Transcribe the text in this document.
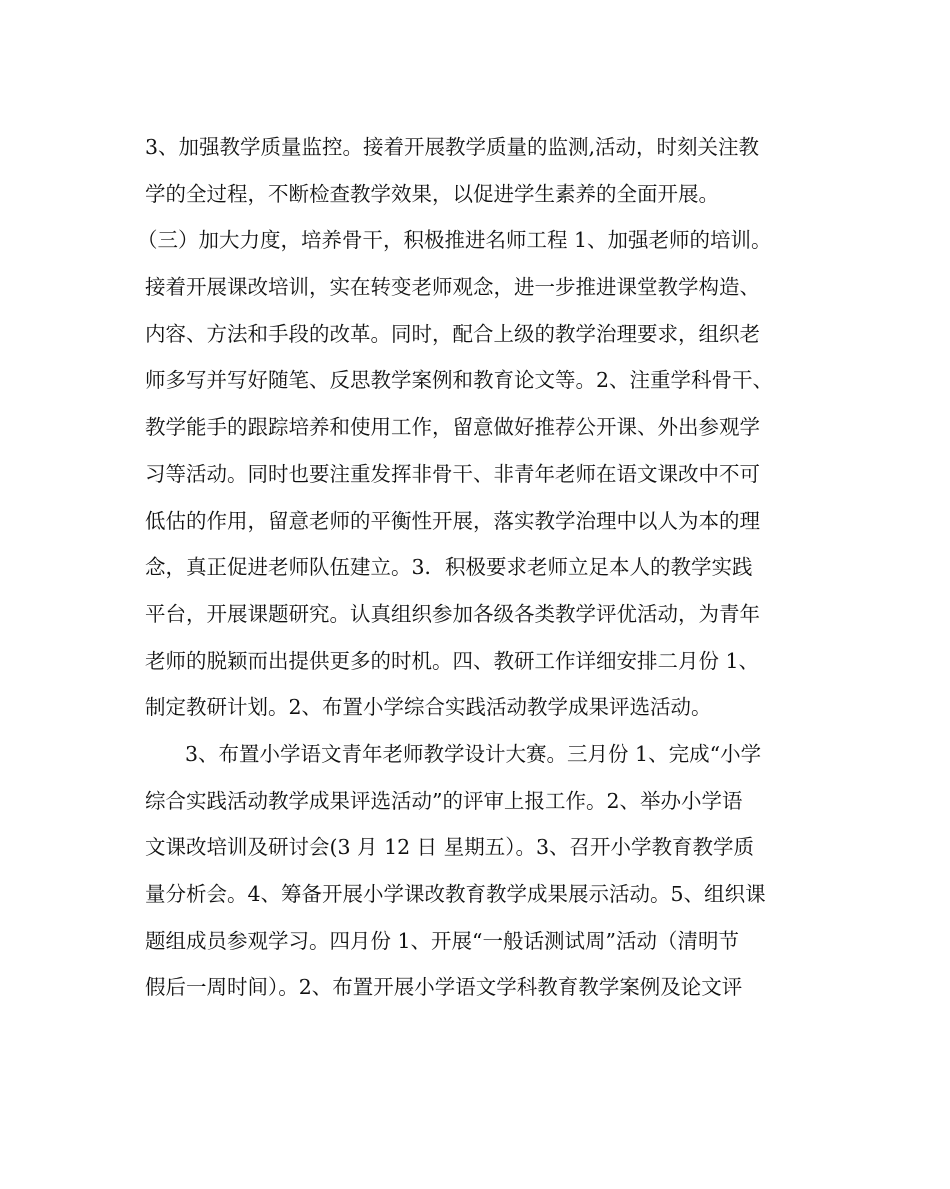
3、加强教学质量监控。接着开展教学质量的监测,活动，时刻关注教
学的全过程，不断检查教学效果，以促进学生素养的全面开展。
（三）加大力度，培养骨干，积极推进名师工程 1、加强老师的培训。
接着开展课改培训，实在转变老师观念，进一步推进课堂教学构造、
内容、方法和手段的改革。同时，配合上级的教学治理要求，组织老
师多写并写好随笔、反思教学案例和教育论文等。2、注重学科骨干、
教学能手的跟踪培养和使用工作，留意做好推荐公开课、外出参观学
习等活动。同时也要注重发挥非骨干、非青年老师在语文课改中不可
低估的作用，留意老师的平衡性开展，落实教学治理中以人为本的理
念，真正促进老师队伍建立。3．积极要求老师立足本人的教学实践
平台，开展课题研究。认真组织参加各级各类教学评优活动，为青年
老师的脱颖而出提供更多的时机。四、教研工作详细安排二月份 1、
制定教研计划。2、布置小学综合实践活动教学成果评选活动。
3、布置小学语文青年老师教学设计大赛。三月份 1、完成“小学
综合实践活动教学成果评选活动”的评审上报工作。2、举办小学语
文课改培训及研讨会(3 月 12 日 星期五）。3、召开小学教育教学质
量分析会。4、筹备开展小学课改教育教学成果展示活动。5、组织课
题组成员参观学习。四月份 1、开展“一般话测试周”活动（清明节
假后一周时间）。2、布置开展小学语文学科教育教学案例及论文评
